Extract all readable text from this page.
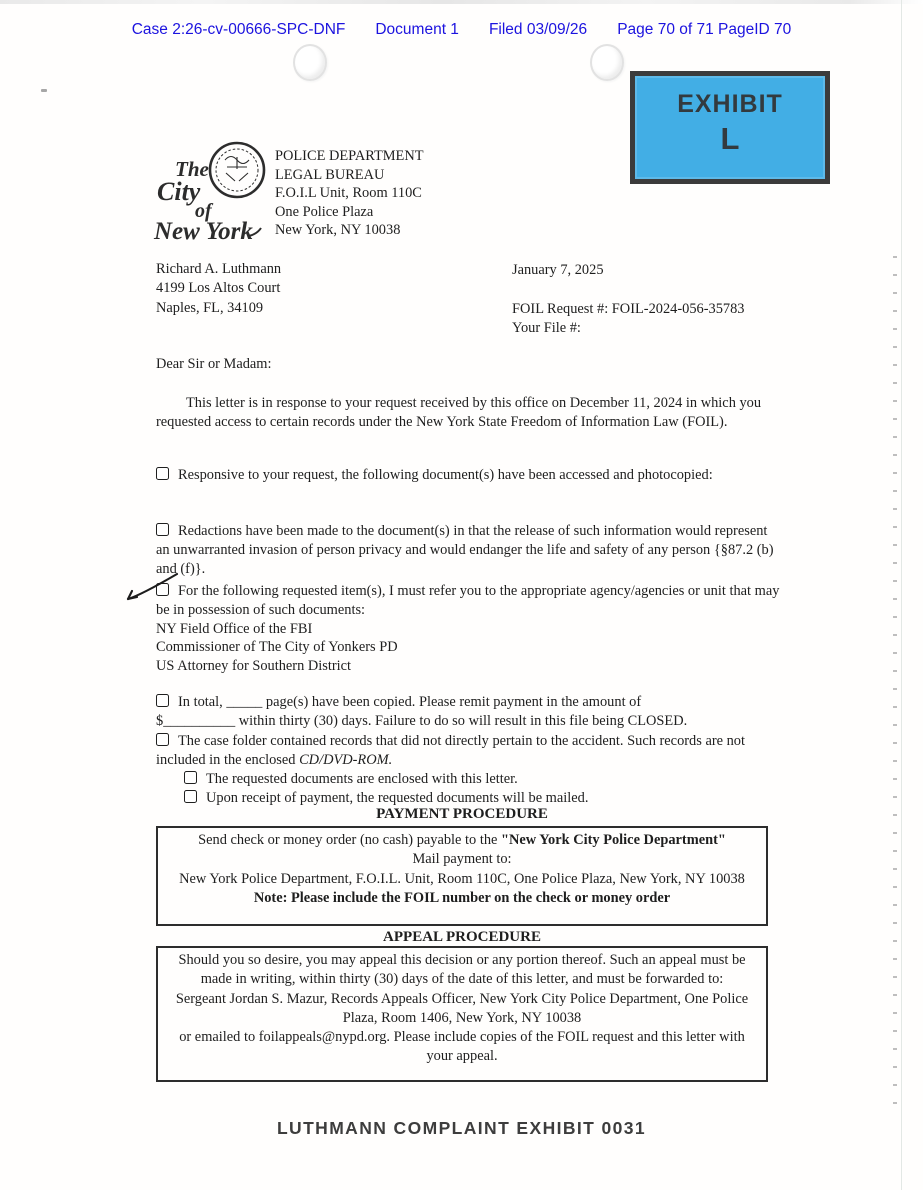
Case 2:26-cv-00666-SPC-DNF Document 1 Filed 03/09/26 Page 70 of 71 PageID 70
EXHIBIT
L
The
City
of
New York
POLICE DEPARTMENT
LEGAL BUREAU
F.O.I.L Unit, Room 110C
One Police Plaza
New York, NY 10038
Richard A. Luthmann
4199 Los Altos Court
Naples, FL, 34109
January 7, 2025
FOIL Request #: FOIL-2024-056-35783
Your File #:
Dear Sir or Madam:
This letter is in response to your request received by this office on December 11, 2024 in which you requested access to certain records under the New York State Freedom of Information Law (FOIL).
Responsive to your request, the following document(s) have been accessed and photocopied:
Redactions have been made to the document(s) in that the release of such information would represent an unwarranted invasion of person privacy and would endanger the life and safety of any person {§87.2 (b) and (f)}.
For the following requested item(s), I must refer you to the appropriate agency/agencies or unit that may be in possession of such documents:
NY Field Office of the FBI
Commissioner of The City of Yonkers PD
US Attorney for Southern District
In total, _____ page(s) have been copied. Please remit payment in the amount of
$__________ within thirty (30) days. Failure to do so will result in this file being CLOSED.
The case folder contained records that did not directly pertain to the accident. Such records are not included in the enclosed CD/DVD-ROM.
The requested documents are enclosed with this letter.
Upon receipt of payment, the requested documents will be mailed.
PAYMENT PROCEDURE
Send check or money order (no cash) payable to the "New York City Police Department"
Mail payment to:
New York Police Department, F.O.I.L. Unit, Room 110C, One Police Plaza, New York, NY 10038
Note: Please include the FOIL number on the check or money order
APPEAL PROCEDURE
Should you so desire, you may appeal this decision or any portion thereof. Such an appeal must be made in writing, within thirty (30) days of the date of this letter, and must be forwarded to:
Sergeant Jordan S. Mazur, Records Appeals Officer, New York City Police Department, One Police Plaza, Room 1406, New York, NY 10038
or emailed to foilappeals@nypd.org. Please include copies of the FOIL request and this letter with your appeal.
LUTHMANN COMPLAINT EXHIBIT 0031
